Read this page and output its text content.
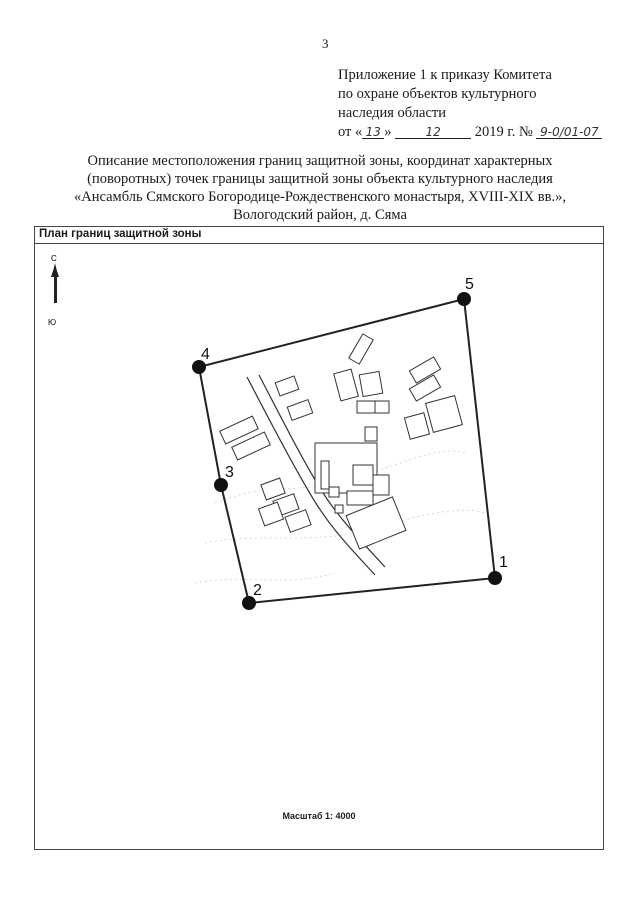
3
Приложение 1 к приказу Комитета
по охране объектов культурного
наследия области
от « 13 »	12 2019 г. № 9-0/01-07
Описание местоположения границ защитной зоны, координат характерных
(поворотных) точек границы защитной зоны объекта культурного наследия
«Ансамбль Сямского Богородице-Рождественского монастыря, XVIII-XIX вв.»,
Вологодский район, д. Сяма
План границ защитной зоны
С
Ю
1
2
3
4
5
Масштаб 1: 4000
